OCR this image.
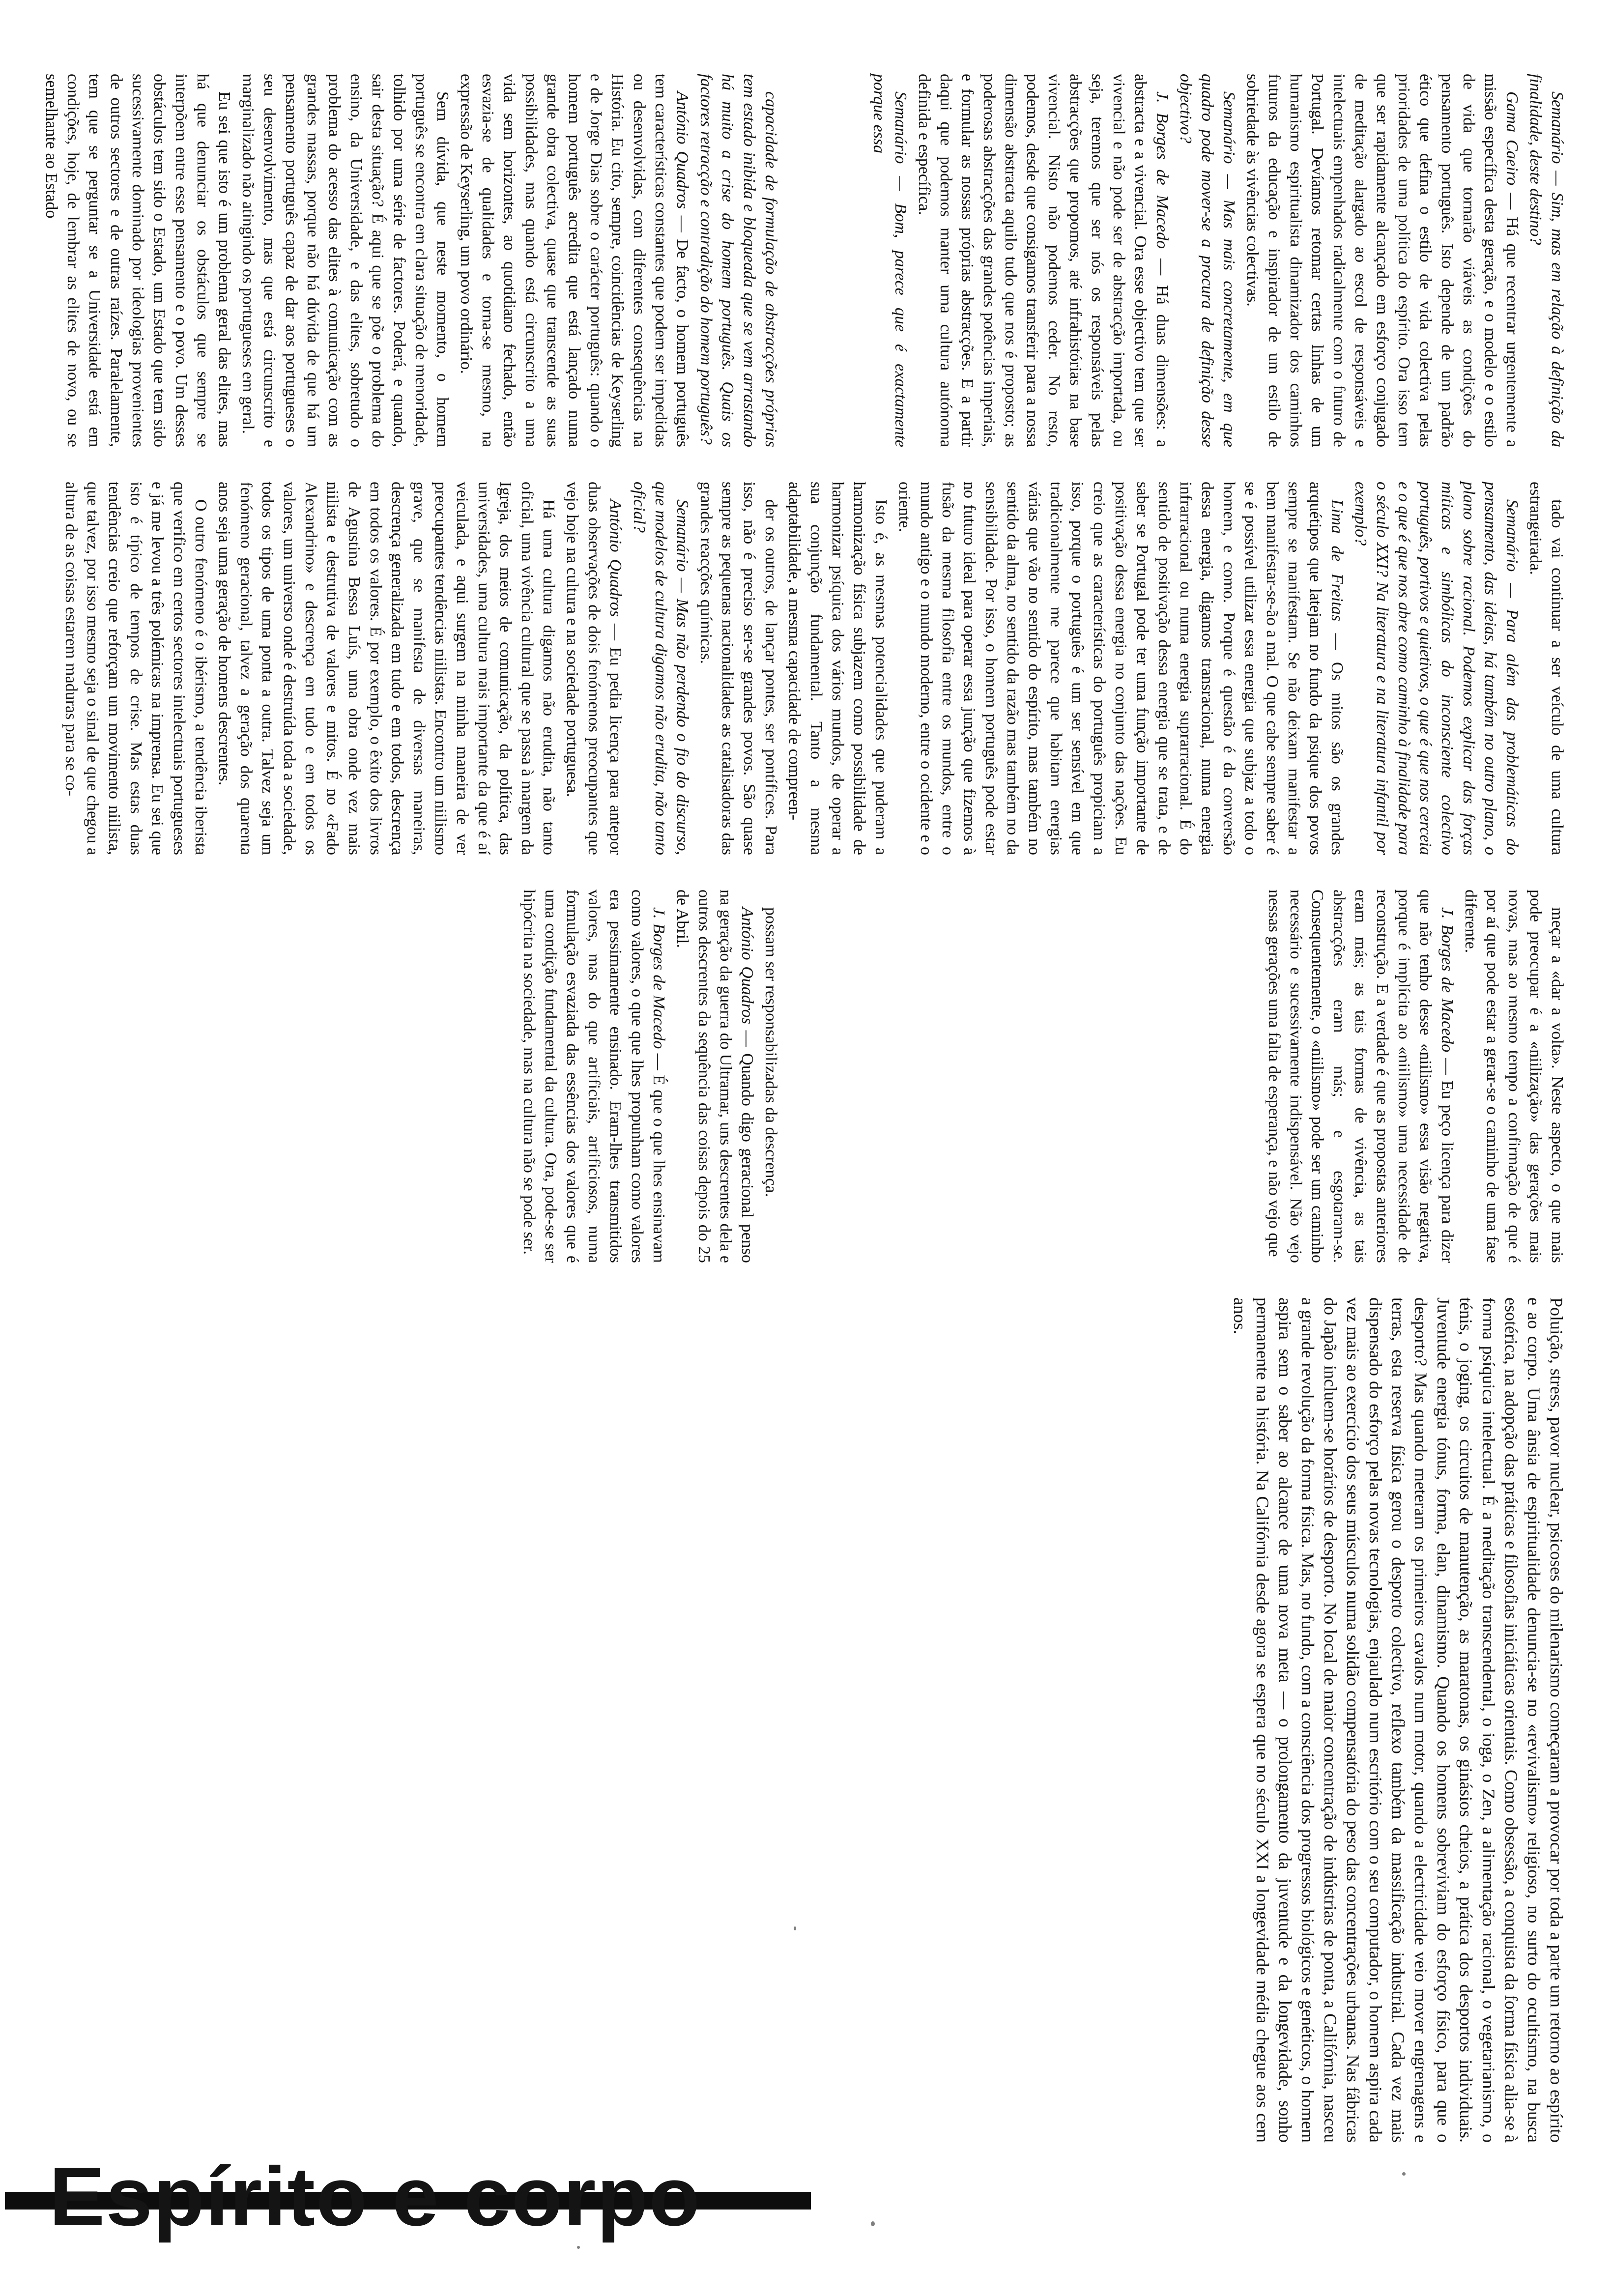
Espírito e corpo

Semanário — Sim, mas em relação à definição da finalidade, deste destino?

Gama Caeiro — Há que recentrar urgentemente a missão específica desta geração, e o modelo e o estilo de vida que tornarão viáveis as condições do pensamento português. Isto depende de um padrão ético que defina o estilo de vida colectiva pelas prioridades de uma política do espírito. Ora isso tem que ser rapidamente alcançado em esforço conjugado de meditação alargado ao escol de responsáveis e intelectuais empenhados radicalmente com o futuro de Portugal. Devíamos retomar certas linhas de um humanismo espiritualista dinamizador dos caminhos futuros da educação e inspirador de um estilo de sobriedade às vivências colectivas.

Semanário — Mas mais concretamente, em que quadro pode mover-se a procura de definição desse objectivo?

J. Borges de Macedo — Há duas dimensões: a abstracta e a vivencial. Ora esse objectivo tem que ser vivencial e não pode ser de abstracção importada, ou seja, teremos que ser nós os responsáveis pelas abstracções que propomos, até infrahistórias na base vivencial. Nisto não podemos ceder. No resto, podemos, desde que consigamos transferir para a nossa dimensão abstracta aquilo tudo que nos é proposto; as poderosas abstracções das grandes potências imperiais, e formular as nossas próprias abstracções. E a partir daqui que podemos manter uma cultura autónoma definida e específica.

Semanário — Bom, parece que é exactamente porque essa

capacidade de formulação de abstracções próprias tem estado inibida e bloqueada que se vem arrastando há muito a crise do homem português. Quais os factores retracção e contradição do homem português?

António Quadros — De facto, o homem português tem características constantes que podem ser impedidas ou desenvolvidas, com diferentes consequências na História. Eu cito, sempre, coincidências de Keyserling e de Jorge Dias sobre o carácter português: quando o homem português acredita que está lançado numa grande obra colectiva, quase que transcende as suas possibilidades, mas quando está circunscrito a uma vida sem horizontes, ao quotidiano fechado, então esvazia-se de qualidades e torna-se mesmo, na expressão de Keyserling, um povo ordinário.

Sem dúvida, que neste momento, o homem português se encontra em clara situação de menoridade, tolhido por uma série de factores. Poderá, e quando, sair desta situação? É aqui que se põe o problema do ensino, da Universidade, e das elites, sobretudo o problema do acesso das elites à comunicação com as grandes massas, porque não há dúvida de que há um pensamento português capaz de dar aos portugueses o seu desenvolvimento, mas que está circunscrito e marginalizado não atingindo os portugueses em geral.

Eu sei que isto é um problema geral das elites, mas há que denunciar os obstáculos que sempre se interpõem entre esse pensamento e o povo. Um desses obstáculos tem sido o Estado, um Estado que tem sido sucessivamente dominado por ideologias provenientes de outros sectores e de outras raízes. Paralelamente, tem que se perguntar se a Universidade está em condições, hoje, de lembrar as elites de novo, ou se semelhante ao Estado

tado vai continuar a ser veículo de uma cultura estrangeirada.

Semanário — Para além das problemáticas do pensamento, das ideias, há também no outro plano, o plano sobre racional. Podemos explicar das forças míticas e simbólicas do inconsciente colectivo português, portivos e quietivos, o que é que nos cerceia e o que é que nos abre como caminho à finalidade para o século XXI? Na literatura e na literatura infantil por exemplo?

Lima de Freitas — Os mitos são os grandes arquétipos que latejam no fundo da psique dos povos sempre se manifestam. Se não deixam manifestar a bem manifestar-se-ão a mal. O que cabe sempre saber é se é possível utilizar essa energia que subjaz a todo o homem, e como. Porque é questão é da conversão dessa energia, digamos transracional, numa energia infrarracional ou numa energia suprarracional. É do sentido de positivação dessa energia que se trata, e de saber se Portugal pode ter uma função importante de positivação dessa energia no conjunto das nações. Eu creio que as características do português propiciam a isso, porque o português é um ser sensível em que tradicionalmente me parece que habitam energias várias que vão no sentido do espírito, mas também no sentido da alma, no sentido da razão mas também no da sensibilidade. Por isso, o homem português pode estar no futuro ideal para operar essa junção que fizemos à fusão da mesma filosofia entre os mundos, entre o mundo antigo e o mundo moderno, entre o ocidente e o oriente.

Isto é, as mesmas potencialidades que puderam a harmonização física subjazem como possibilidade de harmonizar psíquica dos vários mundos, de operar a sua conjunção fundamental. Tanto a mesma adaptabilidade, a mesma capacidade de compreen-

der os outros, de lançar pontes, ser pontífices. Para isso, não é preciso ser-se grandes povos. São quase sempre as pequenas nacionalidades as catalisadoras das grandes reacções químicas.

Semanário — Mas não perdendo o fio do discurso, que modelos de cultura digamos não erudita, não tanto oficial?

António Quadros — Eu pedia licença para antepor duas observações de dois fenómenos preocupantes que vejo hoje na cultura e na sociedade portuguesa.

Há uma cultura digamos não erudita, não tanto oficial, uma vivência cultural que se passa à margem da Igreja, dos meios de comunicação, da política, das universidades, uma cultura mais importante da que é aí veiculada, e aqui surgem na minha maneira de ver preocupantes tendências niilistas. Encontro um niilismo grave, que se manifesta de diversas maneiras, descrença generalizada em tudo e em todos, descrença em todos os valores. É por exemplo, o êxito dos livros de Agustina Bessa Luís, uma obra onde vez mais niilista e destrutiva de valores e mitos. É no «Fado Alexandrino» e descrença em tudo e em todos os valores, um universo onde é destruída toda a sociedade, todos os tipos de uma ponta a outra. Talvez seja um fenómeno geracional, talvez a geração dos quarenta anos seja uma geração de homens descrentes.

O outro fenómeno é o ibérismo, a tendência iberista que verifico em certos sectores intelectuais portugueses e já me levou a três polémicas na imprensa. Eu sei que isto é típico de tempos de crise. Mas estas duas tendências creio que reforçam um movimento niilista, que talvez, por isso mesmo seja o sinal de que chegou a altura de as coisas estarem maduras para se co-

meçar a «dar a volta». Neste aspecto, o que mais pode preocupar é a «niilização» das gerações mais novas, mas ao mesmo tempo a confirmação de que é por aí que pode estar a gerar-se o caminho de uma fase diferente.

J. Borges de Macedo — Eu peço licença para dizer que não tenho desse «niilismo» essa visão negativa, porque é implícita ao «niilismo» uma necessidade de reconstrução. E a verdade é que as propostas anteriores eram más; as tais formas de vivência, as tais abstracções eram más; e esgotaram-se. Consequentemente, o «niilismo» pode ser um caminho necessário e sucessivamente indispensável. Não vejo nessas gerações uma falta de esperança, e não vejo que

possam ser responsabilizadas da descrença.

António Quadros — Quando digo geracional penso na geração da guerra do Ultramar, uns descrentes dela e outros descrentes da sequência das coisas depois do 25 de Abril.

J. Borges de Macedo — É que o que lhes ensinavam como valores, o que que lhes propunham como valores era pessimamente ensinado. Eram-lhes transmitidos valores, mas do que artificiais, artificiosos, numa formulação esvaziada das essências dos valores que é uma condição fundamental da cultura. Ora, pode-se ser hipócrita na sociedade, mas na cultura não se pode ser.

Poluição, stress, pavor nuclear, psicoses do milenarismo começaram a provocar por toda a parte um retorno ao espírito e ao corpo. Uma ânsia de espiritualidade denuncia-se no «revivalismo» religioso, no surto do ocultismo, na busca esotérica, na adopção das práticas e filosofias iniciáticas orientais. Como obsessão, a conquista da forma física alia-se à forma psíquica intelectual. É a meditação transcendental, o ioga, o Zen, a alimentação racional, o vegetarianismo, o ténis, o joging, os circuitos de manutenção, as maratonas, os ginásios cheios, a prática dos desportos individuais. Juventude energia tónus, forma, elan, dinamismo. Quando os homens sobreviviam do esforço físico, para que o desporto? Mas quando meteram os primeiros cavalos num motor, quando a electricidade veio mover engrenagens e terras, esta reserva física gerou o desporto colectivo, reflexo também da massificação industrial. Cada vez mais dispensado do esforço pelas novas tecnologias, enjaulado num escritório com o seu computador, o homem aspira cada vez mais ao exercício dos seus músculos numa solidão compensatória do peso das concentrações urbanas. Nas fábricas do Japão incluem-se horários de desporto. No local de maior concentração de indústrias de ponta, a Califórnia, nasceu a grande revolução da forma física. Mas, no fundo, com a consciência dos progressos biológicos e genéticos, o homem aspira sem o saber ao alcance de uma nova meta — o prolongamento da juventude e da longevidade, sonho permanente na história. Na Califórnia desde agora se espera que no século XXI a longevidade média chegue aos cem anos.
